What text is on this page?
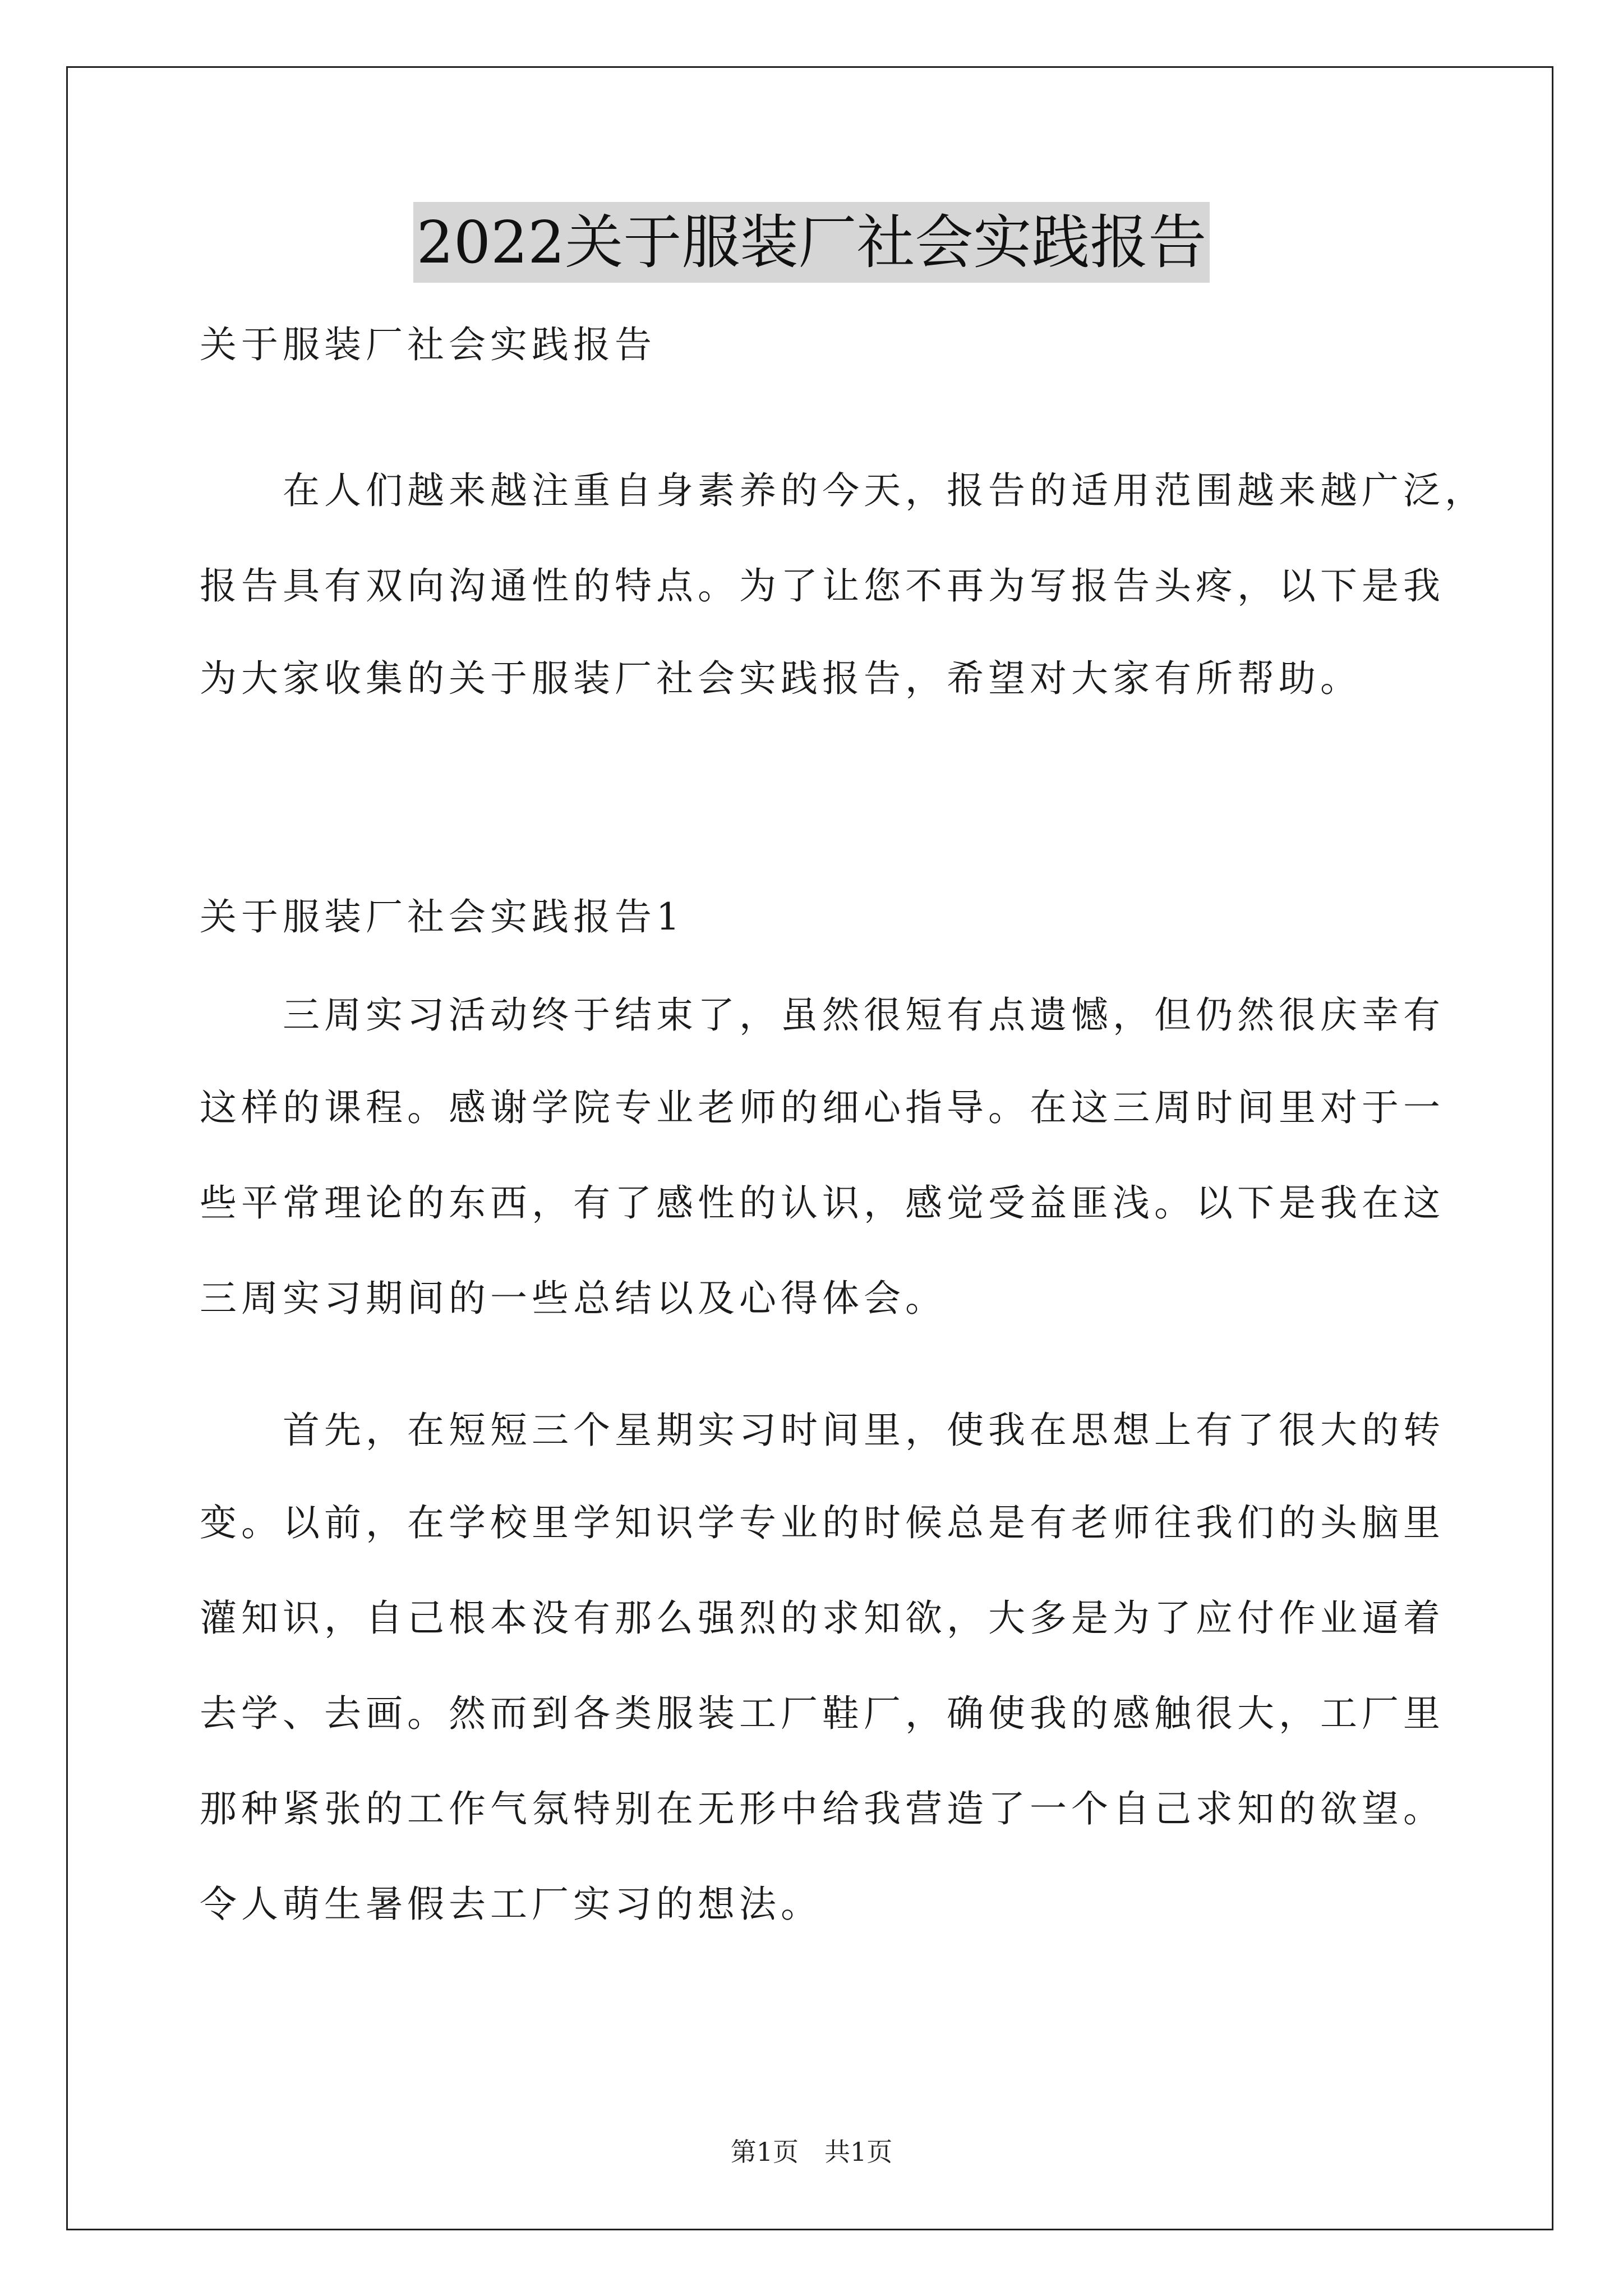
2022关于服装厂社会实践报告
关于服装厂社会实践报告
　　在人们越来越注重自身素养的今天，报告的适用范围越来越广泛，
报告具有双向沟通性的特点。为了让您不再为写报告头疼，以下是我
为大家收集的关于服装厂社会实践报告，希望对大家有所帮助。
关于服装厂社会实践报告1
　　三周实习活动终于结束了，虽然很短有点遗憾，但仍然很庆幸有
这样的课程。感谢学院专业老师的细心指导。在这三周时间里对于一
些平常理论的东西，有了感性的认识，感觉受益匪浅。以下是我在这
三周实习期间的一些总结以及心得体会。
　　首先，在短短三个星期实习时间里，使我在思想上有了很大的转
变。以前，在学校里学知识学专业的时候总是有老师往我们的头脑里
灌知识，自己根本没有那么强烈的求知欲，大多是为了应付作业逼着
去学、去画。然而到各类服装工厂鞋厂，确使我的感触很大，工厂里
那种紧张的工作气氛特别在无形中给我营造了一个自己求知的欲望。
令人萌生暑假去工厂实习的想法。
第1页　共1页
